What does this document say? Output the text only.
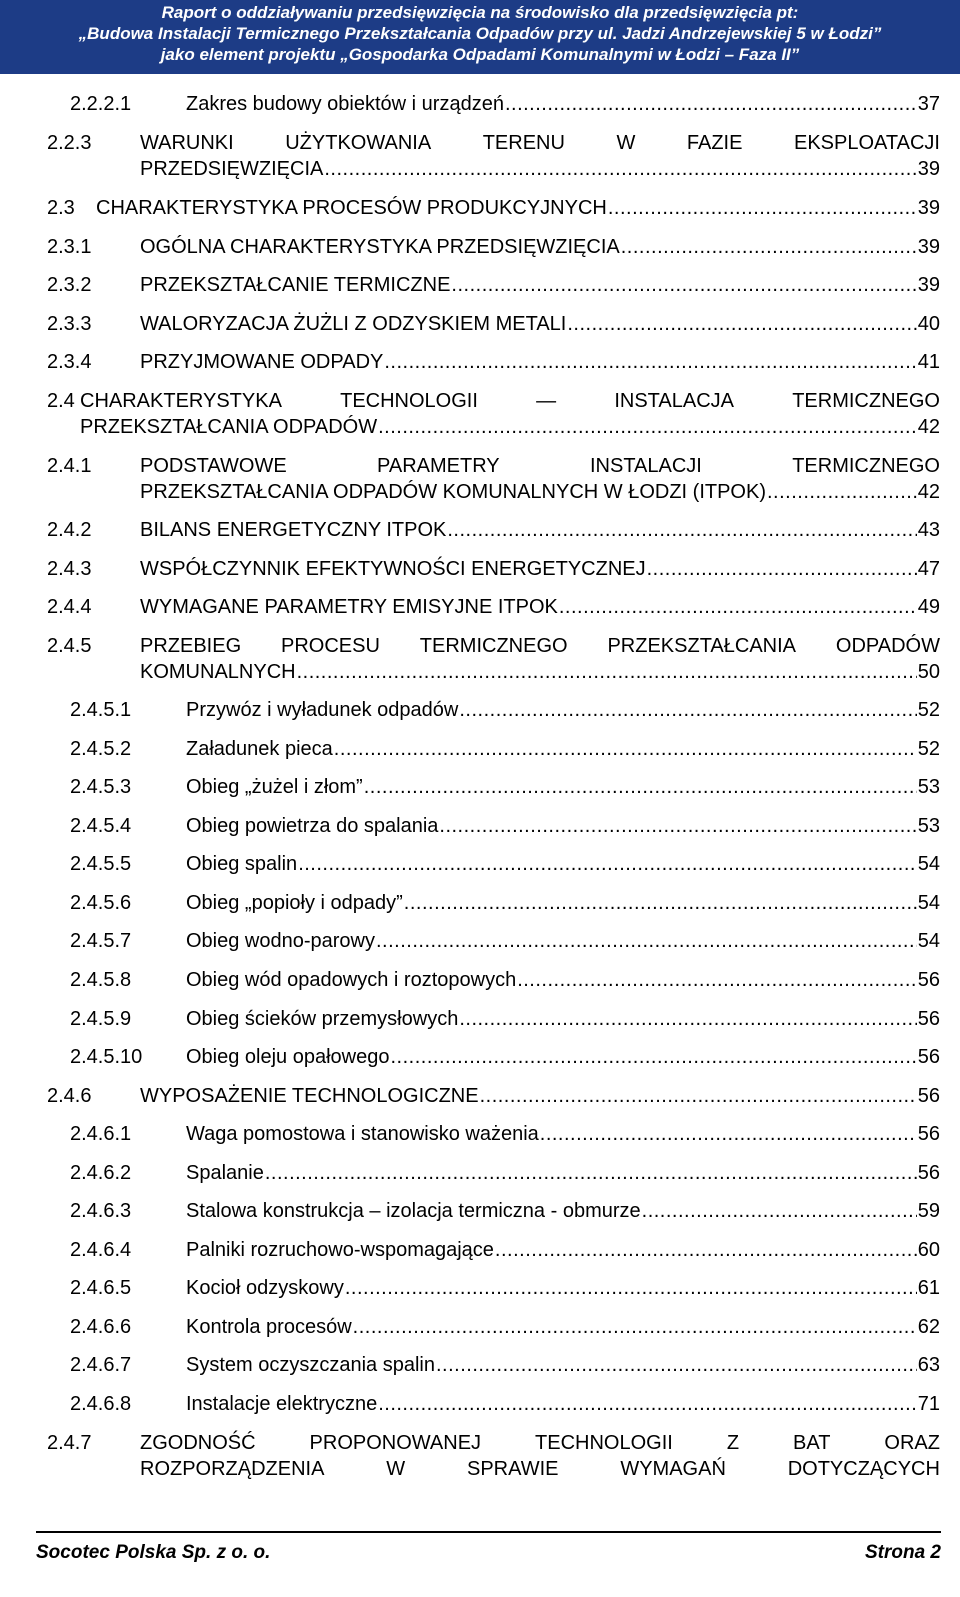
Raport o oddziaływaniu przedsięwzięcia na środowisko dla przedsięwzięcia pt:
„Budowa Instalacji Termicznego Przekształcania Odpadów przy ul. Jadzi Andrzejewskiej 5 w Łodzi”
jako element projektu „Gospodarka Odpadami Komunalnymi w Łodzi – Faza II”
2.2.2.1	Zakres budowy obiektów i urządzeń .....	37
2.2.3 WARUNKI	UŻYTKOWANIA	TERENU	W	FAZIE	EKSPLOATACJI
PRZEDSIĘWZIĘCIA .....	39
2.3 CHARAKTERYSTYKA PROCESÓW PRODUKCYJNYCH .....	39
2.3.1 OGÓLNA CHARAKTERYSTYKA PRZEDSIĘWZIĘCIA .....	39
2.3.2 PRZEKSZTAŁCANIE TERMICZNE .....	39
2.3.3 WALORYZACJA ŻUŻLI Z ODZYSKIEM METALI .....	40
2.3.4 PRZYJMOWANE ODPADY .....	41
2.4 CHARAKTERYSTYKA	TECHNOLOGII	—	INSTALACJA	TERMICZNEGO
PRZEKSZTAŁCANIA ODPADÓW .....	42
2.4.1 PODSTAWOWE	PARAMETRY	INSTALACJI	TERMICZNEGO
PRZEKSZTAŁCANIA ODPADÓW KOMUNALNYCH W ŁODZI (ITPOK) .....	42
2.4.2 BILANS ENERGETYCZNY ITPOK .....	43
2.4.3 WSPÓŁCZYNNIK EFEKTYWNOŚCI ENERGETYCZNEJ .....	47
2.4.4 WYMAGANE PARAMETRY EMISYJNE ITPOK .....	49
2.4.5 PRZEBIEG PROCESU TERMICZNEGO PRZEKSZTAŁCANIA ODPADÓW
KOMUNALNYCH .....	50
2.4.5.1	Przywóz i wyładunek odpadów .....	52
2.4.5.2	Załadunek pieca .....	52
2.4.5.3	Obieg „żużel i złom” .....	53
2.4.5.4	Obieg powietrza do spalania .....	53
2.4.5.5	Obieg spalin .....	54
2.4.5.6	Obieg „popioły i odpady” .....	54
2.4.5.7	Obieg wodno-parowy .....	54
2.4.5.8	Obieg wód opadowych i roztopowych .....	56
2.4.5.9	Obieg ścieków przemysłowych .....	56
2.4.5.10 Obieg oleju opałowego .....	56
2.4.6 WYPOSAŻENIE TECHNOLOGICZNE .....	56
2.4.6.1	Waga pomostowa i stanowisko ważenia .....	56
2.4.6.2	Spalanie .....	56
2.4.6.3	Stalowa konstrukcja – izolacja termiczna - obmurze .....	59
2.4.6.4	Palniki rozruchowo-wspomagające .....	60
2.4.6.5	Kocioł odzyskowy .....	61
2.4.6.6	Kontrola procesów .....	62
2.4.6.7	System oczyszczania spalin .....	63
2.4.6.8	Instalacje elektryczne .....	71
2.4.7 ZGODNOŚĆ	PROPONOWANEJ	TECHNOLOGII	Z	BAT	ORAZ
ROZPORZĄDZENIA	W	SPRAWIE	WYMAGAŃ	DOTYCZĄCYCH
Socotec Polska Sp. z o. o.	Strona 2
